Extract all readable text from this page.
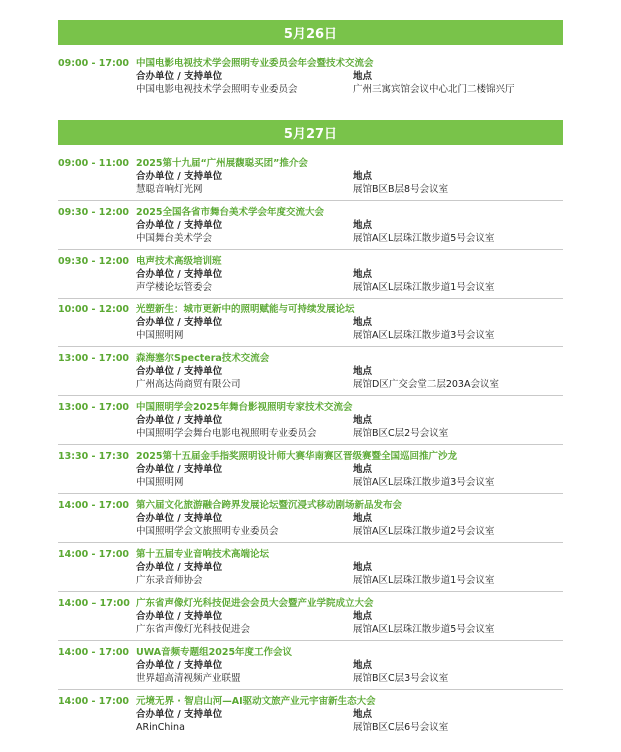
5月26日
09:00 - 17:00 中国电影电视技术学会照明专业委员会年会暨技术交流会
合办单位 / 支持单位	地点
中国电影电视技术学会照明专业委员会	广州三寓宾馆会议中心北门二楼锦兴厅
5月27日
09:00 - 11:00 2025第十九届“广州展馥聪买团”推介会
合办单位 / 支持单位	地点
慧聪音响灯光网	展馆B区B层8号会议室
09:30 - 12:00 2025全国各省市舞台美术学会年度交流大会
合办单位 / 支持单位	地点
中国舞台美术学会	展馆A区L层珠江散步道5号会议室
09:30 - 12:00 电声技术高级培训班
合办单位 / 支持单位	地点
声学楼论坛管委会	展馆A区L层珠江散步道1号会议室
10:00 - 12:00 光塑新生：城市更新中的照明赋能与可持续发展论坛
合办单位 / 支持单位	地点
中国照明网	展馆A区L层珠江散步道3号会议室
13:00 - 17:00 森海塞尔Spectera技术交流会
合办单位 / 支持单位	地点
广州高达尚商贸有限公司	展馆D区广交会堂二层203A会议室
13:00 - 17:00 中国照明学会2025年舞台影视照明专家技术交流会
合办单位 / 支持单位	地点
中国照明学会舞台电影电视照明专业委员会	展馆B区C层2号会议室
13:30 - 17:30 2025第十五届金手指奖照明设计师大赛华南赛区晋级赛暨全国巡回推广沙龙
合办单位 / 支持单位	地点
中国照明网	展馆A区L层珠江散步道3号会议室
14:00 - 17:00 第六届文化旅游融合跨界发展论坛暨沉浸式移动剧场新品发布会
合办单位 / 支持单位	地点
中国照明学会文旅照明专业委员会	展馆A区L层珠江散步道2号会议室
14:00 - 17:00 第十五届专业音响技术高端论坛
合办单位 / 支持单位	地点
广东录音师协会	展馆A区L层珠江散步道1号会议室
14:00 – 17:00 广东省声像灯光科技促进会会员大会暨产业学院成立大会
合办单位 / 支持单位	地点
广东省声像灯光科技促进会	展馆A区L层珠江散步道5号会议室
14:00 - 17:00 UWA音频专题组2025年度工作会议
合办单位 / 支持单位	地点
世界超高清视频产业联盟	展馆B区C层3号会议室
14:00 - 17:00 元境无界 · 智启山河—AI驱动文旅产业元宇宙新生态大会
合办单位 / 支持单位	地点
ARinChina	展馆B区C层6号会议室
